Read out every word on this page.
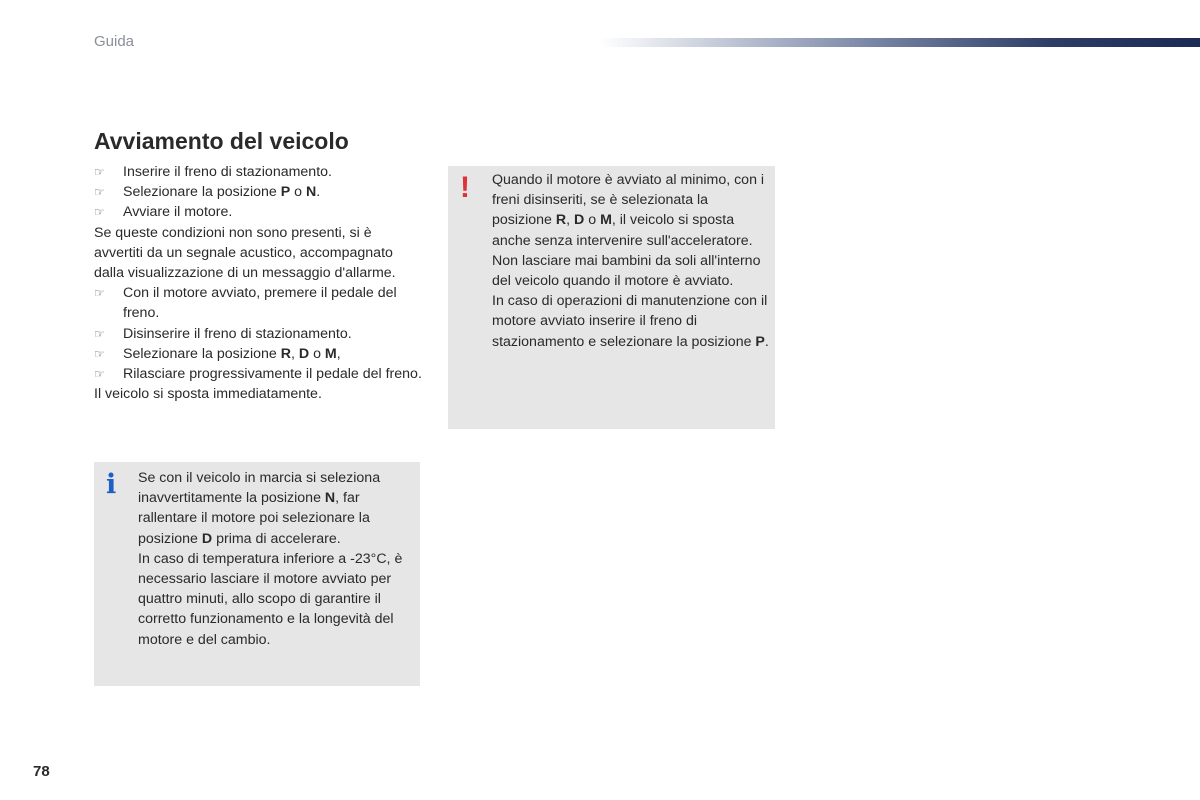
Guida
Avviamento del veicolo
☞ Inserire il freno di stazionamento.
☞ Selezionare la posizione P o N.
☞ Avviare il motore.

Se queste condizioni non sono presenti, si è avvertiti da un segnale acustico, accompagnato dalla visualizzazione di un messaggio d'allarme.

☞ Con il motore avviato, premere il pedale del freno.
☞ Disinserire il freno di stazionamento.
☞ Selezionare la posizione R, D o M,
☞ Rilasciare progressivamente il pedale del freno.

Il veicolo si sposta immediatamente.

i Se con il veicolo in marcia si seleziona inavvertitamente la posizione N, far rallentare il motore poi selezionare la posizione D prima di accelerare.
In caso di temperatura inferiore a -23°C, è necessario lasciare il motore avviato per quattro minuti, allo scopo di garantire il corretto funzionamento e la longevità del motore e del cambio.
! Quando il motore è avviato al minimo, con i freni disinseriti, se è selezionata la posizione R, D o M, il veicolo si sposta anche senza intervenire sull'acceleratore.
Non lasciare mai bambini da soli all'interno del veicolo quando il motore è avviato.
In caso di operazioni di manutenzione con il motore avviato inserire il freno di stazionamento e selezionare la posizione P.
78
